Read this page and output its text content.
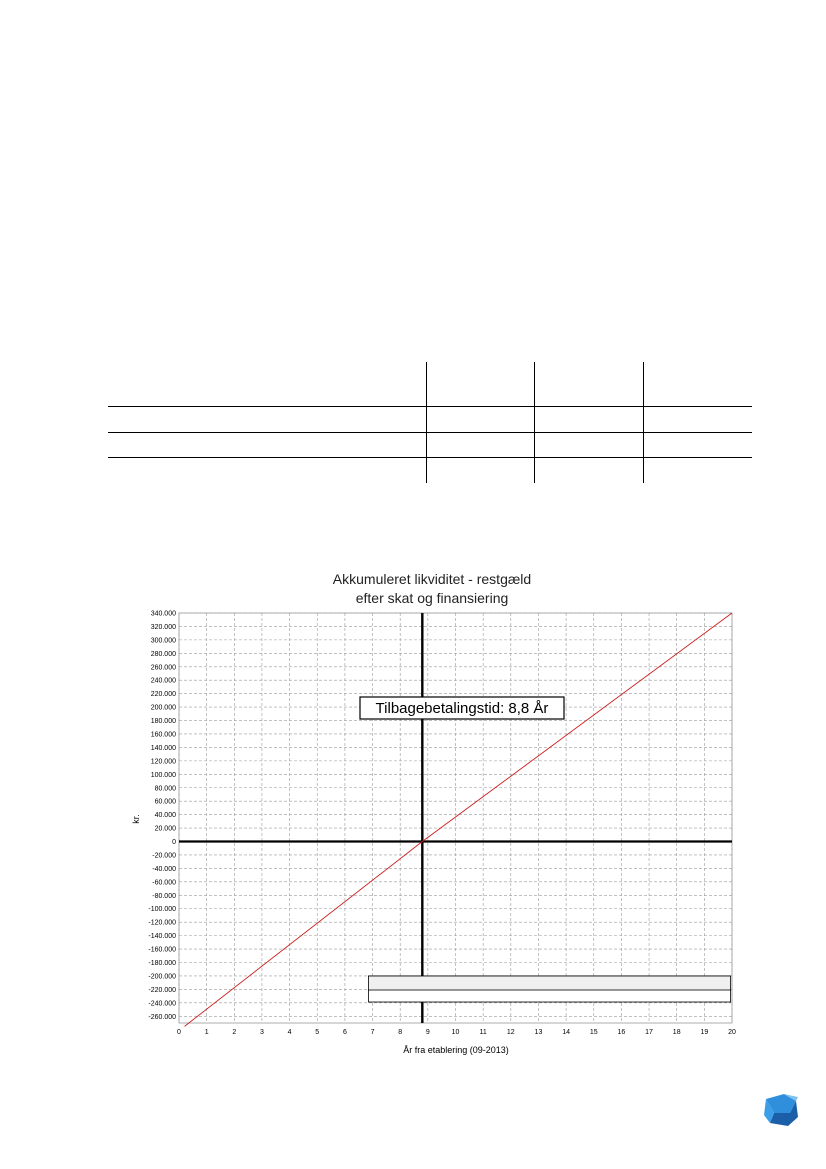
Akkumuleret likviditet - restgæld
efter skat og finansiering
340.000
320.000
300.000
280.000
260.000
240.000
220.000
200.000
180.000
160.000
140.000
120.000
100.000
80.000
60.000
40.000
20.000
0
-20.000
-40.000
-60.000
-80.000
-100.000
-120.000
-140.000
-160.000
-180.000
-200.000
-220.000
-240.000
-260.000
0	1	2	3	4	5	6	7	8	9	10	11	12	13	14	15	16	17	18	19	20
Tilbagebetalingstid: 8,8 År
År fra etablering (09-2013)
kr.
